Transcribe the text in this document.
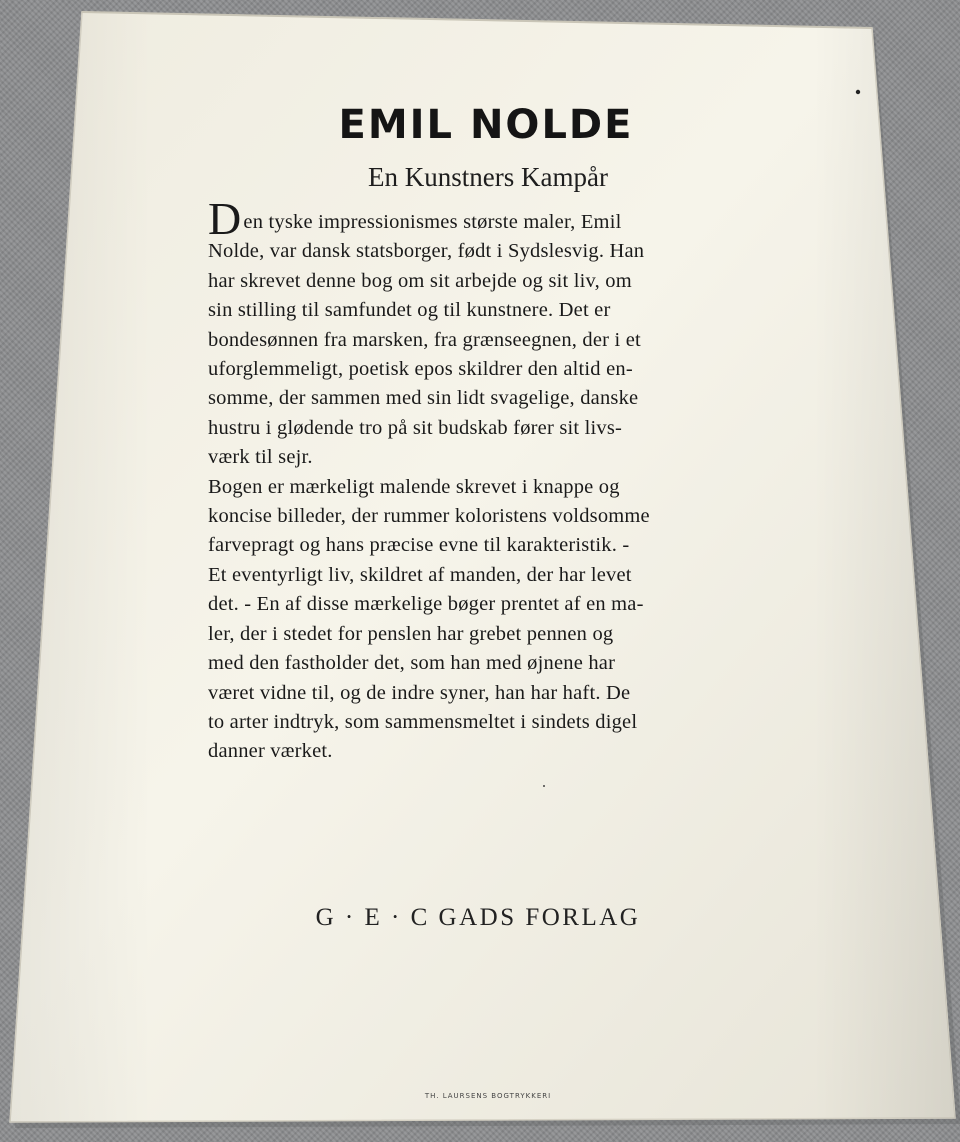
EMIL NOLDE
En Kunstners Kampår

Den tyske impressionismes største maler, Emil

Nolde, var dansk statsborger, født i Sydslesvig. Han

har skrevet denne bog om sit arbejde og sit liv, om

sin stilling til samfundet og til kunstnere. Det er

bondesønnen fra marsken, fra grænseegnen, der i et

uforglemmeligt, poetisk epos skildrer den altid en-

somme, der sammen med sin lidt svagelige, danske

hustru i glødende tro på sit budskab fører sit livs-

værk til sejr.

Bogen er mærkeligt malende skrevet i knappe og

koncise billeder, der rummer koloristens voldsomme

farvepragt og hans præcise evne til karakteristik. -

Et eventyrligt liv, skildret af manden, der har levet

det. - En af disse mærkelige bøger prentet af en ma-

ler, der i stedet for penslen har grebet pennen og

med den fastholder det, som han med øjnene har

været vidne til, og de indre syner, han har haft. De

to arter indtryk, som sammensmeltet i sindets digel

danner værket.

G · E · C GADS FORLAG
TH. LAURSENS BOGTRYKKERI
